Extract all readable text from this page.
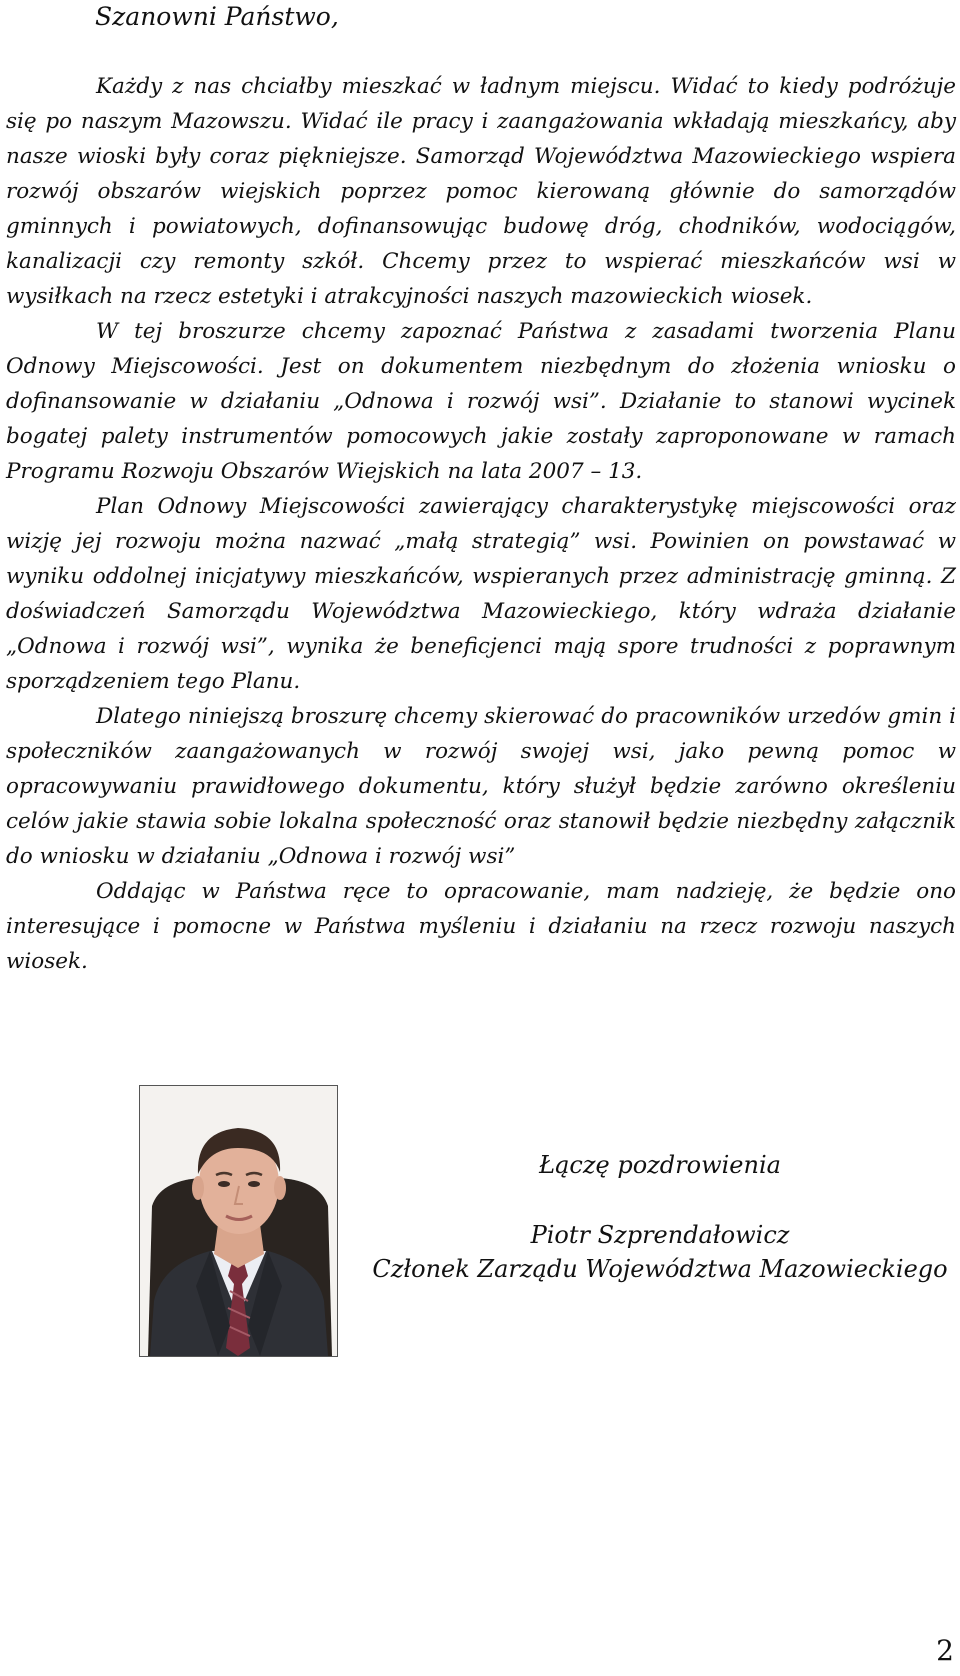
Szanowni Państwo,

Każdy z nas chciałby mieszkać w ładnym miejscu. Widać to kiedy podróżuje się po naszym Mazowszu. Widać ile pracy i zaangażowania wkładają mieszkańcy, aby nasze wioski były coraz piękniejsze. Samorząd Województwa Mazowieckiego wspiera rozwój obszarów wiejskich poprzez pomoc kierowaną głównie do samorządów gminnych i powiatowych, dofinansowując budowę dróg, chodników, wodociągów, kanalizacji czy remonty szkół. Chcemy przez to wspierać mieszkańców wsi w wysiłkach na rzecz estetyki i atrakcyjności naszych mazowieckich wiosek.

W tej broszurze chcemy zapoznać Państwa z zasadami tworzenia Planu Odnowy Miejscowości. Jest on dokumentem niezbędnym do złożenia wniosku o dofinansowanie w działaniu „Odnowa i rozwój wsi”. Działanie to stanowi wycinek bogatej palety instrumentów pomocowych jakie zostały zaproponowane w ramach Programu Rozwoju Obszarów Wiejskich na lata 2007 – 13.

Plan Odnowy Miejscowości zawierający charakterystykę miejscowości oraz wizję jej rozwoju można nazwać „małą strategią” wsi. Powinien on powstawać w wyniku oddolnej inicjatywy mieszkańców, wspieranych przez administrację gminną. Z doświadczeń Samorządu Województwa Mazowieckiego, który wdraża działanie „Odnowa i rozwój wsi”, wynika że beneficjenci mają spore trudności z poprawnym sporządzeniem tego Planu.

Dlatego niniejszą broszurę chcemy skierować do pracowników urzedów gmin i społeczników zaangażowanych w rozwój swojej wsi, jako pewną pomoc w opracowywaniu prawidłowego dokumentu, który służył będzie zarówno określeniu celów jakie stawia sobie lokalna społeczność oraz stanowił będzie niezbędny załącznik do wniosku w działaniu „Odnowa i rozwój wsi”

Oddając w Państwa ręce to opracowanie, mam nadzieję, że będzie ono interesujące i pomocne w Państwa myśleniu i działaniu na rzecz rozwoju naszych wiosek.

Łączę pozdrowienia

Piotr Szprendałowicz

Członek Zarządu Województwa Mazowieckiego

2
